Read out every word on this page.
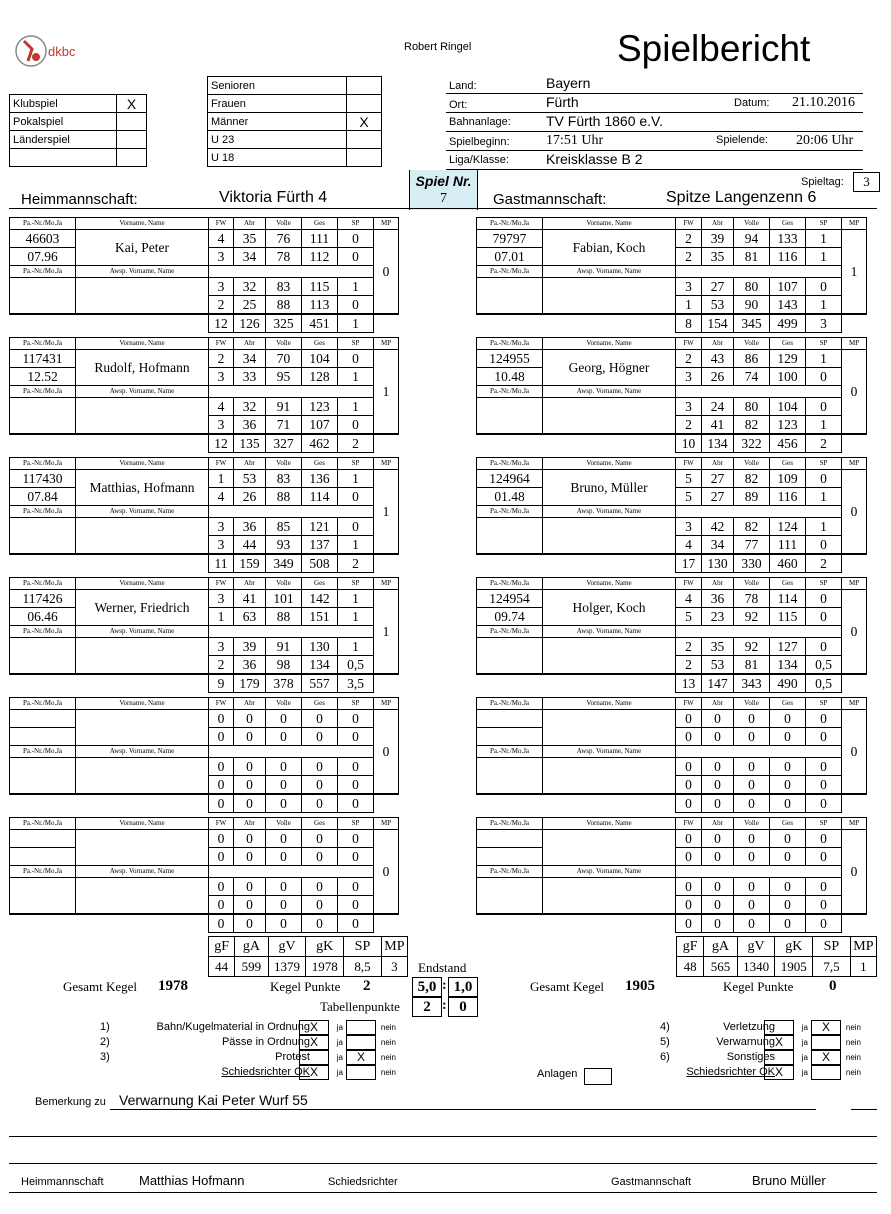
dkbc	Robert Ringel	Spielbericht
Klubspiel	X
Pokalspiel	
Länderspiel	

Senioren	
Frauen	
Männer	X
U 23	
U 18	
Land:	Bayern
Ort:	Fürth	Datum: 21.10.2016
Bahnanlage:	TV Fürth 1860 e.V.
Spielbeginn:	17:51 Uhr	Spielende: 20:06 Uhr
Liga/Klasse:	Kreisklasse B 2
Heimmannschaft:	Viktoria Fürth 4
Spiel Nr.
7	Gastmannschaft:	Spitze Langenzenn 6
Spieltag:	3
Pa.-Nr./Mo.Ja	Vorname, Name	FW	Abr	Volle	Ges	SP	MP
46603	Kai, Peter	4	35	76	111	0	0
07.96		3	34	78	112	0	
Pa.-Nr./Mo.Ja	Awsp. Vorname, Name						
		3	32	83	115	1	
		2	25	88	113	0	
		12	126	325	451	1	
Pa.-Nr./Mo.Ja	Vorname, Name	FW	Abr	Volle	Ges	SP	MP
79797	Fabian, Koch	2	39	94	133	1	1
07.01		2	35	81	116	1	
Pa.-Nr./Mo.Ja	Awsp. Vorname, Name						
		3	27	80	107	0	
		1	53	90	143	1	
		8	154	345	499	3	
Pa.-Nr./Mo.Ja	Vorname, Name	FW	Abr	Volle	Ges	SP	MP
117431	Rudolf, Hofmann	2	34	70	104	0	1
12.52		3	33	95	128	1	
Pa.-Nr./Mo.Ja	Awsp. Vorname, Name						
		4	32	91	123	1	
		3	36	71	107	0	
		12	135	327	462	2	
Pa.-Nr./Mo.Ja	Vorname, Name	FW	Abr	Volle	Ges	SP	MP
124955	Georg, Högner	2	43	86	129	1	0
10.48		3	26	74	100	0	
Pa.-Nr./Mo.Ja	Awsp. Vorname, Name						
		3	24	80	104	0	
		2	41	82	123	1	
		10	134	322	456	2	
Pa.-Nr./Mo.Ja	Vorname, Name	FW	Abr	Volle	Ges	SP	MP
117430	Matthias, Hofmann	1	53	83	136	1	1
07.84		4	26	88	114	0	
Pa.-Nr./Mo.Ja	Awsp. Vorname, Name						
		3	36	85	121	0	
		3	44	93	137	1	
		11	159	349	508	2	
Pa.-Nr./Mo.Ja	Vorname, Name	FW	Abr	Volle	Ges	SP	MP
124964	Bruno, Müller	5	27	82	109	0	0
01.48		5	27	89	116	1	
Pa.-Nr./Mo.Ja	Awsp. Vorname, Name						
		3	42	82	124	1	
		4	34	77	111	0	
		17	130	330	460	2	
Pa.-Nr./Mo.Ja	Vorname, Name	FW	Abr	Volle	Ges	SP	MP
117426	Werner, Friedrich	3	41	101	142	1	1
06.46		1	63	88	151	1	
Pa.-Nr./Mo.Ja	Awsp. Vorname, Name						
		3	39	91	130	1	
		2	36	98	134	0,5	
		9	179	378	557	3,5	
Pa.-Nr./Mo.Ja	Vorname, Name	FW	Abr	Volle	Ges	SP	MP
124954	Holger, Koch	4	36	78	114	0	0
09.74		5	23	92	115	0	
Pa.-Nr./Mo.Ja	Awsp. Vorname, Name						
		2	35	92	127	0	
		2	53	81	134	0,5	
		13	147	343	490	0,5	
Pa.-Nr./Mo.Ja	Vorname, Name	FW	Abr	Volle	Ges	SP	MP
		0	0	0	0	0	0
		0	0	0	0	0	
Pa.-Nr./Mo.Ja	Awsp. Vorname, Name						
		0	0	0	0	0	
		0	0	0	0	0	
		0	0	0	0	0	
Pa.-Nr./Mo.Ja	Vorname, Name	FW	Abr	Volle	Ges	SP	MP
		0	0	0	0	0	0
		0	0	0	0	0	
Pa.-Nr./Mo.Ja	Awsp. Vorname, Name						
		0	0	0	0	0	
		0	0	0	0	0	
		0	0	0	0	0	
Pa.-Nr./Mo.Ja	Vorname, Name	FW	Abr	Volle	Ges	SP	MP
		0	0	0	0	0	0
		0	0	0	0	0	
Pa.-Nr./Mo.Ja	Awsp. Vorname, Name						
		0	0	0	0	0	
		0	0	0	0	0	
		0	0	0	0	0	
Pa.-Nr./Mo.Ja	Vorname, Name	FW	Abr	Volle	Ges	SP	MP
		0	0	0	0	0	0
		0	0	0	0	0	
Pa.-Nr./Mo.Ja	Awsp. Vorname, Name						
		0	0	0	0	0	
		0	0	0	0	0	
		0	0	0	0	0	
gF	gA	gV	gK	SP	MP
44	599	1379	1978	8,5	3
gF	gA	gV	gK	SP	MP
48	565	1340	1905	7,5	1
Endstand
Gesamt Kegel 1978	Kegel Punkte 2	5,0 : 1,0	Gesamt Kegel 1905	Kegel Punkte 0
Tabellenpunkte	2 : 0
1)	Bahn/Kugelmaterial in Ordnung X	ja	nein
2)	Pässe in Ordnung X	ja	nein
3)	Protest	ja	X	nein
Schiedsrichter OK X	ja	nein
4)	Verletzung	ja	X	nein
5)	Verwarnung X	ja	nein
6)	Sonstiges	ja	X	nein
Schiedsrichter OK X	ja	nein
Anlagen
Bemerkung zu Verwarnung Kai Peter Wurf 55
Heimmannschaft	Matthias Hofmann	Schiedsrichter	Gastmannschaft	Bruno Müller
